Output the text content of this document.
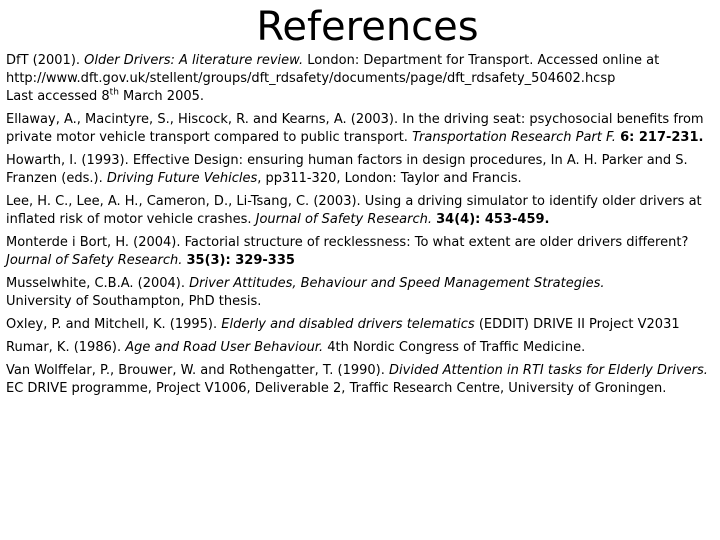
References

DfT (2001). Older Drivers: A literature review. London: Department for Transport. Accessed online at
http://www.dft.gov.uk/stellent/groups/dft_rdsafety/documents/page/dft_rdsafety_504602.hcsp
Last accessed 8th March 2005.

Ellaway, A., Macintyre, S., Hiscock, R. and Kearns, A. (2003). In the driving seat: psychosocial benefits from private motor vehicle transport compared to public transport. Transportation Research Part F. 6: 217-231.

Howarth, I. (1993). Effective Design: ensuring human factors in design procedures, In A. H. Parker and S. Franzen (eds.). Driving Future Vehicles, pp311-320, London: Taylor and Francis.

Lee, H. C., Lee, A. H., Cameron, D., Li-Tsang, C. (2003). Using a driving simulator to identify older drivers at inflated risk of motor vehicle crashes. Journal of Safety Research. 34(4): 453-459.

Monterde i Bort, H. (2004). Factorial structure of recklessness: To what extent are older drivers different? Journal of Safety Research. 35(3): 329-335

Musselwhite, C.B.A. (2004). Driver Attitudes, Behaviour and Speed Management Strategies.
University of Southampton, PhD thesis.

Oxley, P. and Mitchell, K. (1995). Elderly and disabled drivers telematics (EDDIT) DRIVE II Project V2031

Rumar, K. (1986). Age and Road User Behaviour. 4th Nordic Congress of Traffic Medicine.

Van Wolffelar, P., Brouwer, W. and Rothengatter, T. (1990). Divided Attention in RTI tasks for Elderly Drivers. EC DRIVE programme, Project V1006, Deliverable 2, Traffic Research Centre, University of Groningen.
